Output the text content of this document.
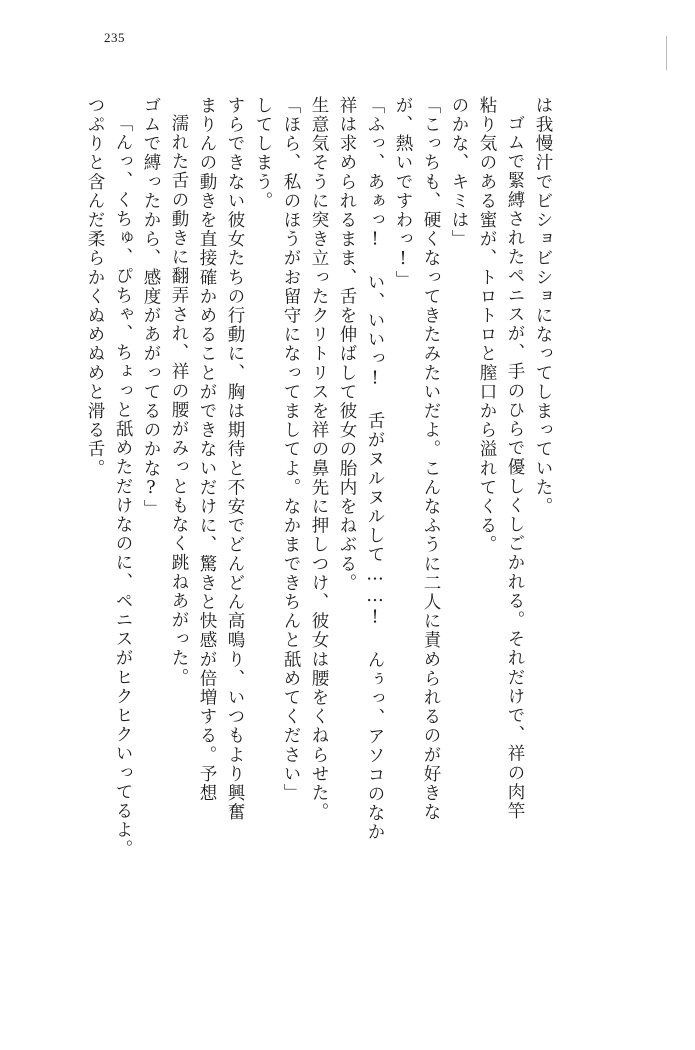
235
つぷりと含んだ柔らかくぬめぬめと滑る舌。 「んっ、くちゅ、ぴちゃ、ちょっと舐めただけなのに、ペニスがヒクヒクいってるよ。 ゴムで縛ったから、感度があがってるのかな?」 濡れた舌の動きに翻弄され、祥の腰がみっともなく跳ねあがった。 まりんの動きを直接確かめることができないだけに、驚きと快感が倍増する。予想 すらできない彼女たちの行動に、胸は期待と不安でどんどん高鳴り、いつもより興奮 してしまう。 「ほら、私のほうがお留守になってましてよ。なかまできちんと舐めてください」 生意気そうに突き立ったクリトリスを祥の鼻先に押しつけ、彼女は腰をくねらせた。 祥は求められるまま、舌を伸ばして彼女の胎内をねぶる。 「ふっ、あぁっ! い、いいっ! 舌がヌルヌルして……! んぅっ、アソコのなか が、熱いですわっ!」 「こっちも、硬くなってきたみたいだよ。こんなふうに二人に責められるのが好きな のかな、キミは」 粘り気のある蜜が、トロトロと膣口から溢れてくる。 ゴムで緊縛されたペニスが、手のひらで優しくしごかれる。それだけで、祥の肉竿 は我慢汁でビショビショになってしまっていた。
